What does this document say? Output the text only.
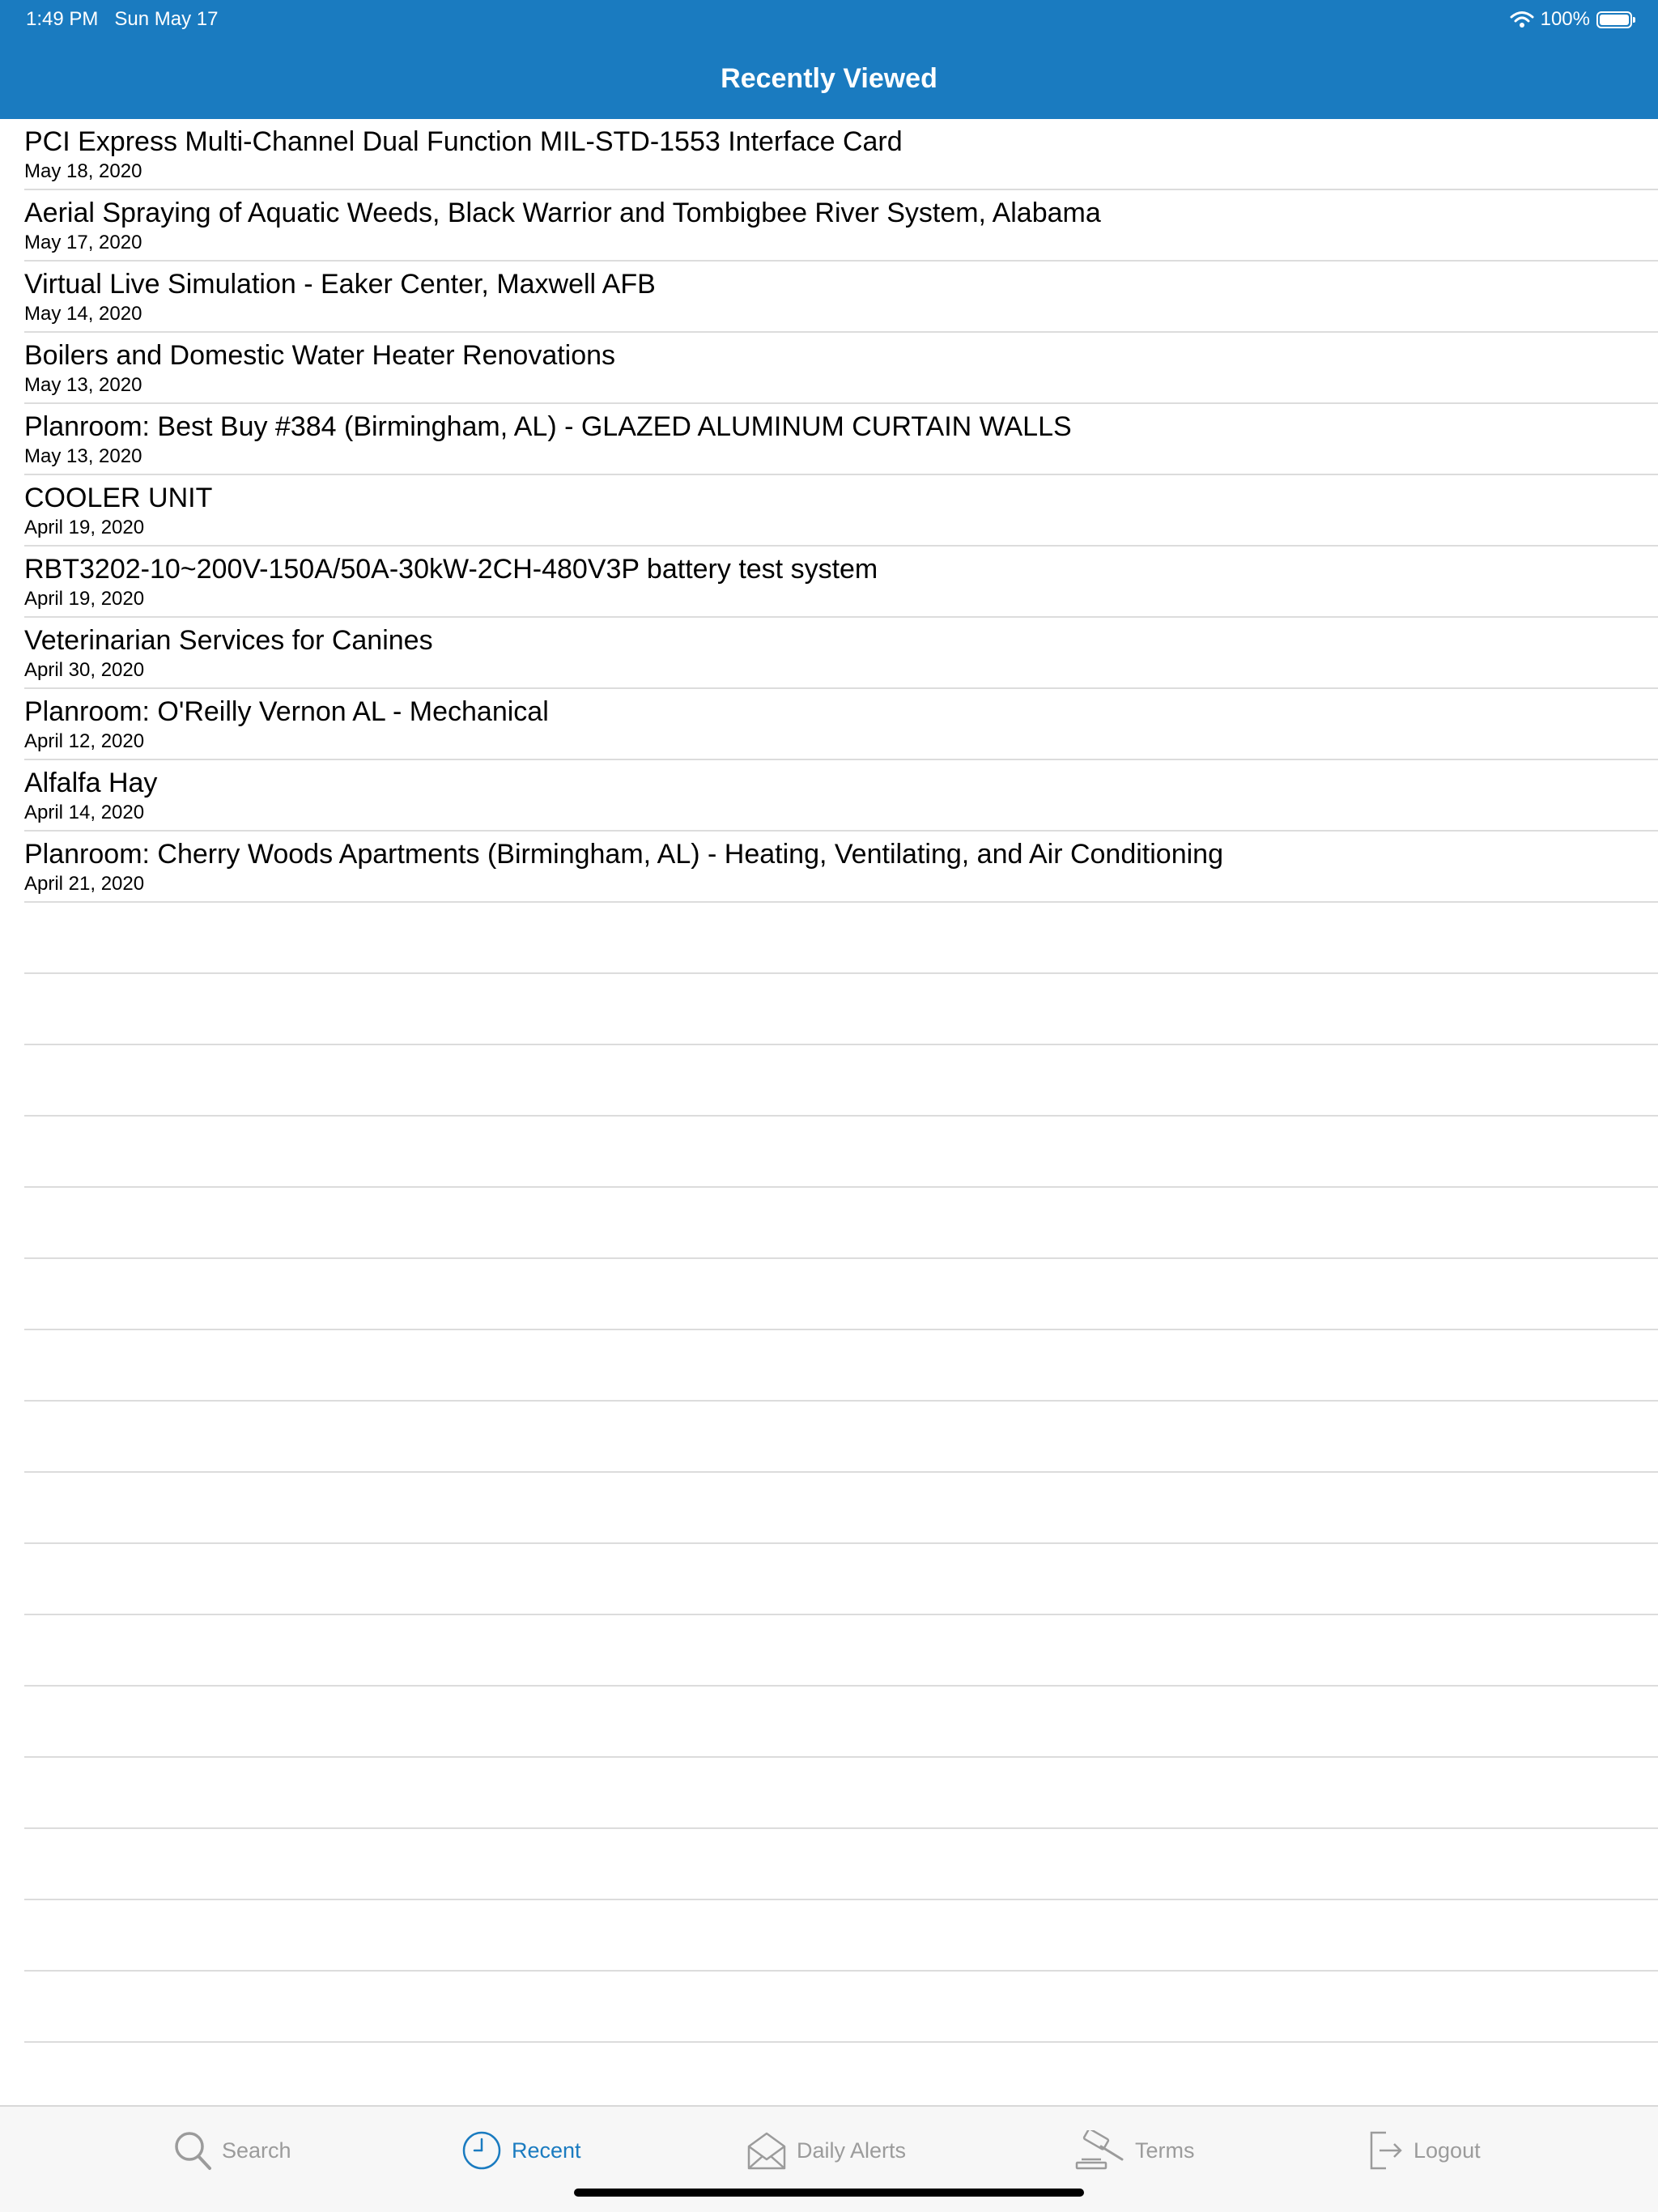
1:49 PM Sun May 17	100%
Recently Viewed
PCI Express Multi-Channel Dual Function MIL-STD-1553 Interface Card
May 18, 2020
Aerial Spraying of Aquatic Weeds, Black Warrior and Tombigbee River System, Alabama
May 17, 2020
Virtual Live Simulation - Eaker Center, Maxwell AFB
May 14, 2020
Boilers and Domestic Water Heater Renovations
May 13, 2020
Planroom: Best Buy #384 (Birmingham, AL) - GLAZED ALUMINUM CURTAIN WALLS
May 13, 2020
COOLER UNIT
April 19, 2020
RBT3202-10~200V-150A/50A-30kW-2CH-480V3P battery test system
April 19, 2020
Veterinarian Services for Canines
April 30, 2020
Planroom: O'Reilly Vernon AL - Mechanical
April 12, 2020
Alfalfa Hay
April 14, 2020
Planroom: Cherry Woods Apartments (Birmingham, AL) - Heating, Ventilating, and Air Conditioning
April 21, 2020
Search	Recent	Daily Alerts	Terms	Logout
